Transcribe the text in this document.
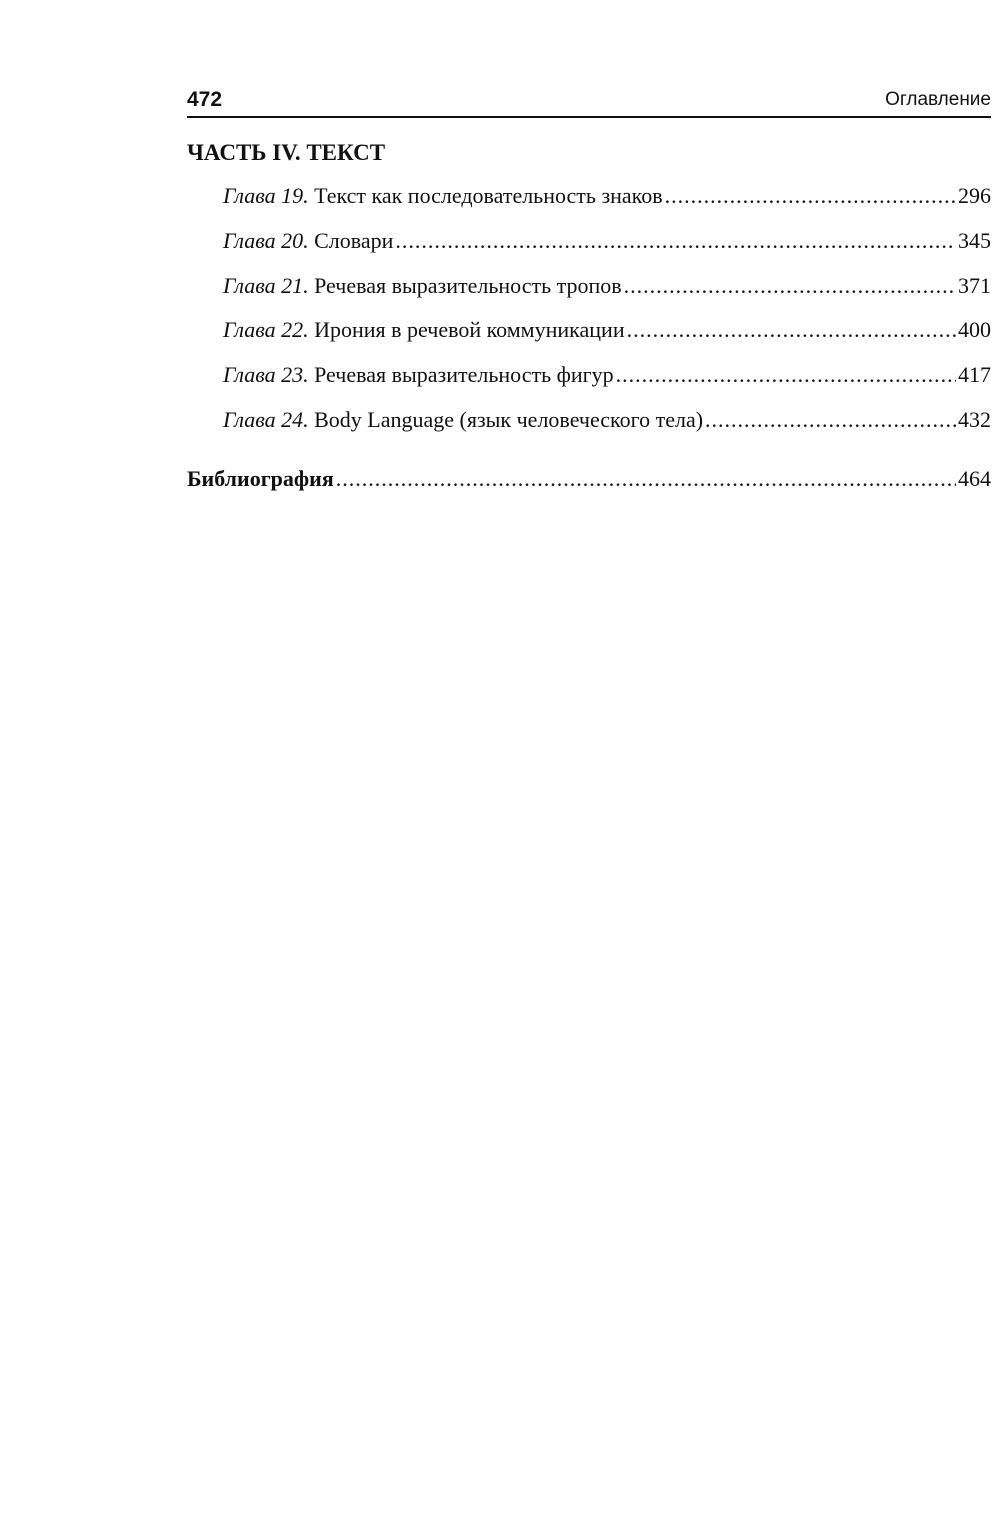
472	Оглавление
ЧАСТЬ IV. ТЕКСТ
Глава 19. Текст как последовательность знаков .....	296
Глава 20. Словари .....	345
Глава 21. Речевая выразительность тропов .....	371
Глава 22. Ирония в речевой коммуникации .....	400
Глава 23. Речевая выразительность фигур .....	417
Глава 24. Body Language (язык человеческого тела) .....	432
Библиография .....	464
